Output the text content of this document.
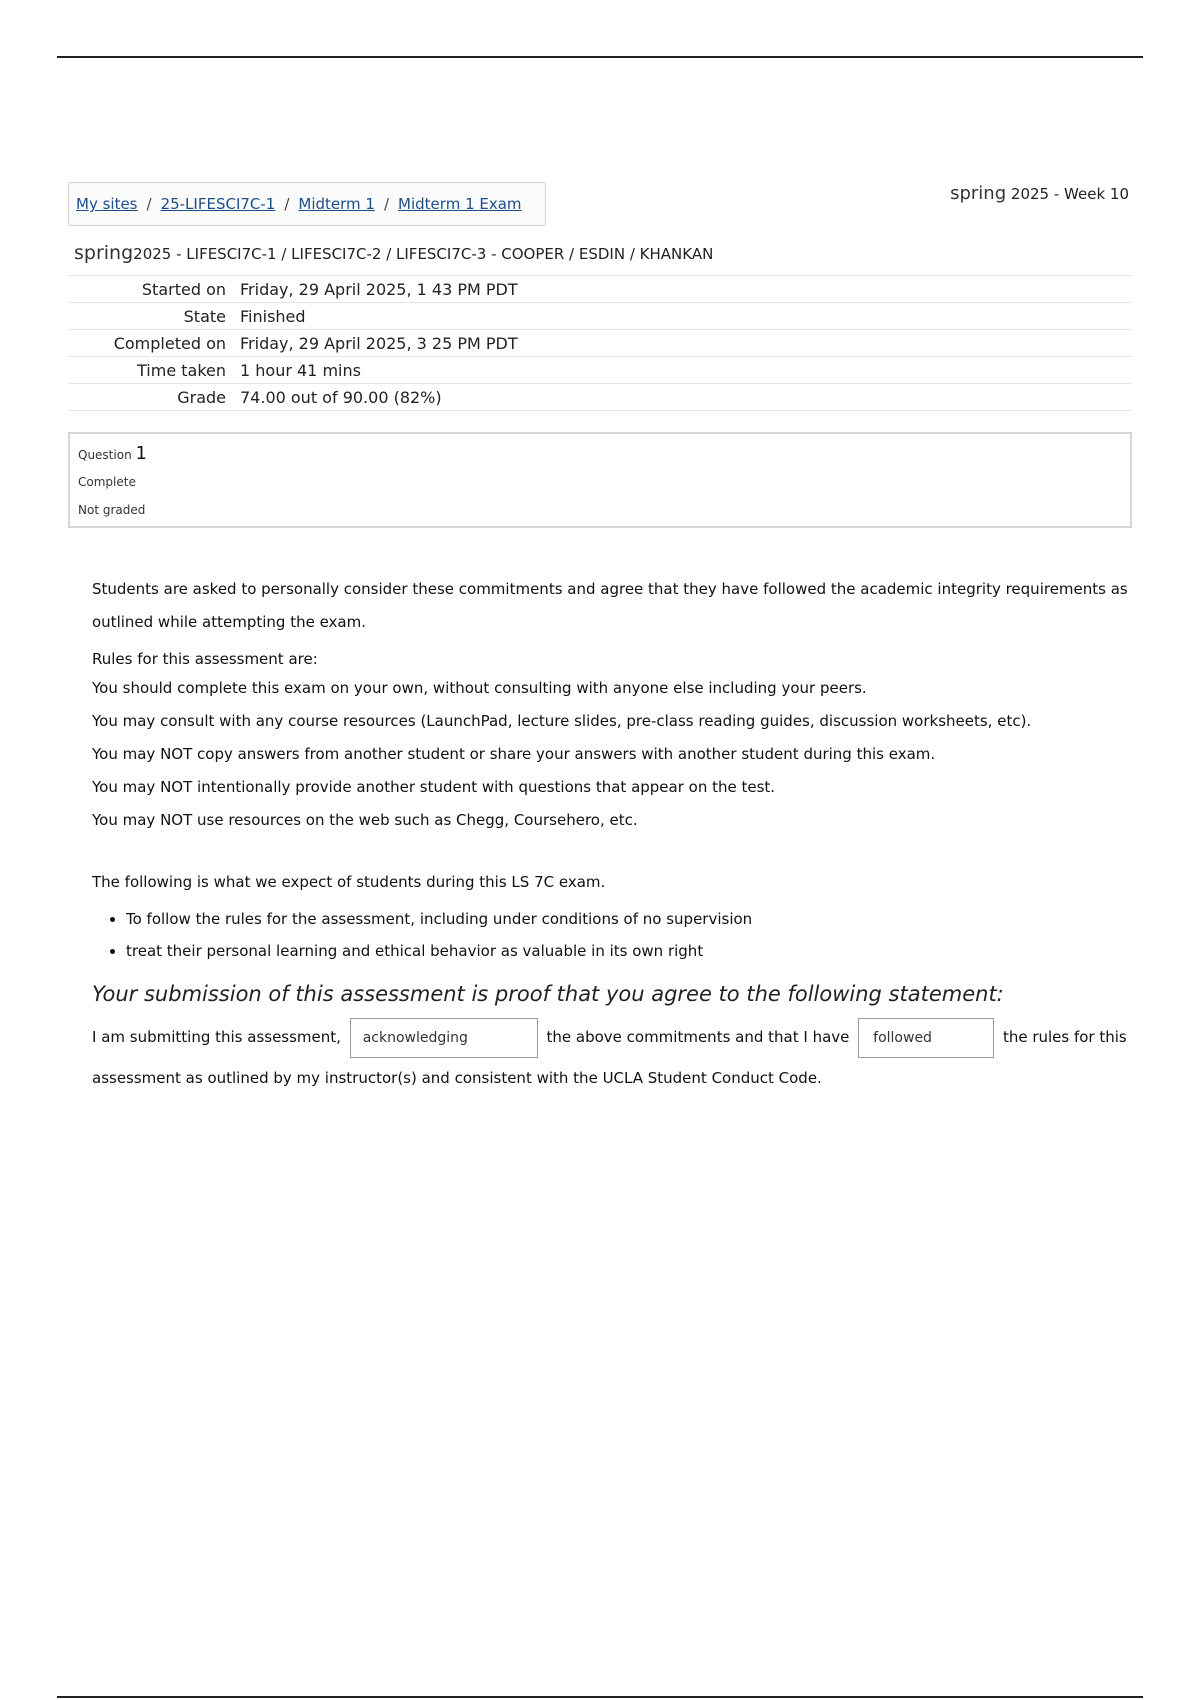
My sites / 25-LIFESCI7C-1 / Midterm 1 / Midterm 1 Exam	spring 2025 - Week 10
spring2025 - LIFESCI7C-1 / LIFESCI7C-2 / LIFESCI7C-3 - COOPER / ESDIN / KHANKAN
Started on	Friday, 29 April 2025, 1 43 PM PDT
State	Finished
Completed on	Friday, 29 April 2025, 3 25 PM PDT
Time taken	1 hour 41 mins
Grade	74.00 out of 90.00 (82%)
Question 1
Complete
Not graded

Students are asked to personally consider these commitments and agree that they have followed the academic integrity requirements as outlined while attempting the exam.

Rules for this assessment are:

You should complete this exam on your own, without consulting with anyone else including your peers.

You may consult with any course resources (LaunchPad, lecture slides, pre-class reading guides, discussion worksheets, etc).

You may NOT copy answers from another student or share your answers with another student during this exam.

You may NOT intentionally provide another student with questions that appear on the test.

You may NOT use resources on the web such as Chegg, Coursehero, etc.

The following is what we expect of students during this LS 7C exam.

• To follow the rules for the assessment, including under conditions of no supervision
• treat their personal learning and ethical behavior as valuable in its own right

Your submission of this assessment is proof that you agree to the following statement:

I am submitting this assessment, acknowledging	the above commitments and that I have followed	the rules for this assessment as outlined by my instructor(s) and consistent with the UCLA Student Conduct Code.
